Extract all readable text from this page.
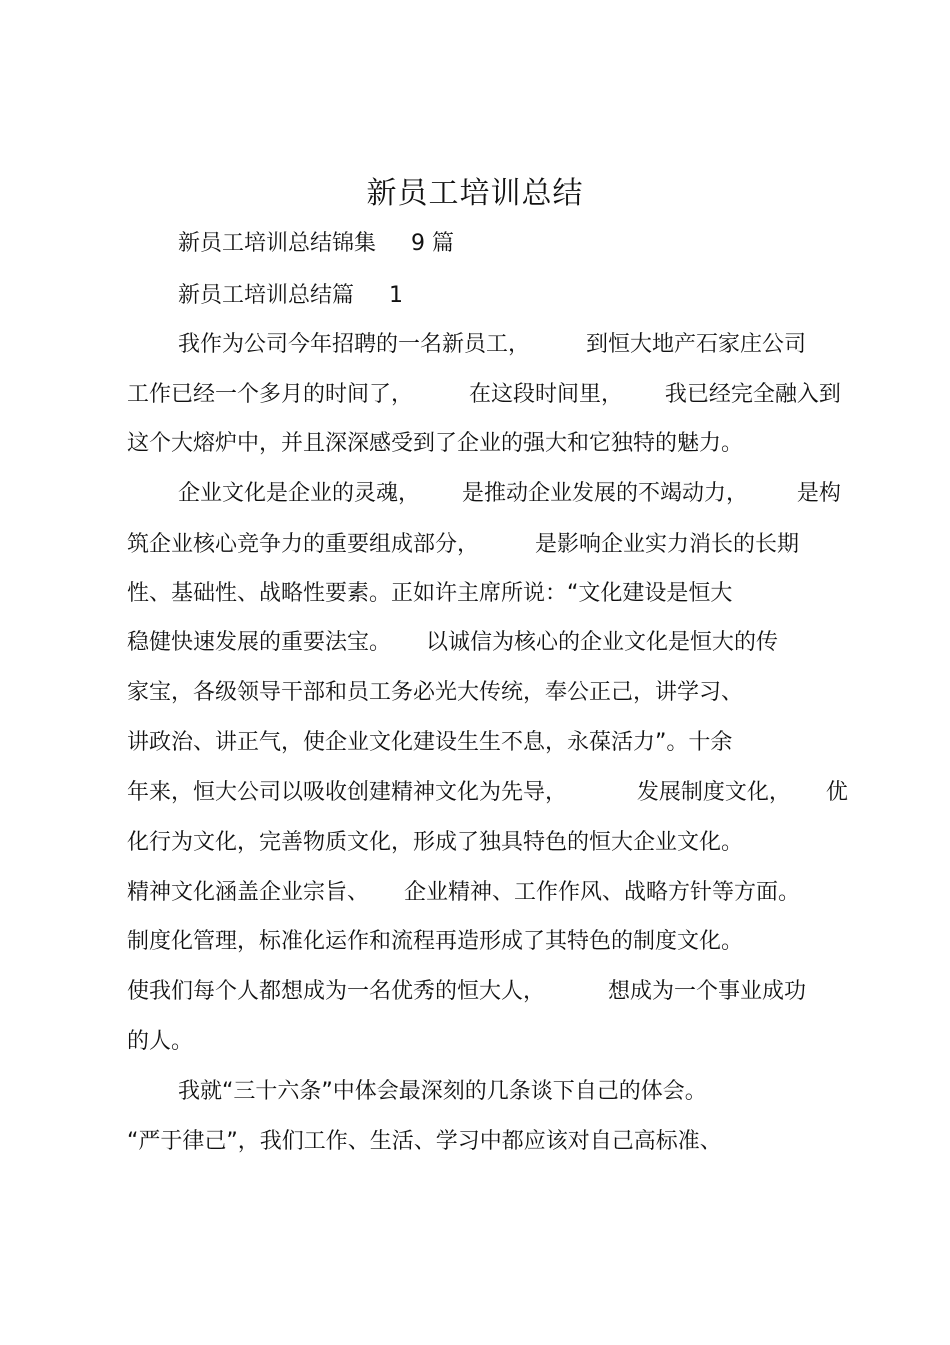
新员工培训总结
新员工培训总结锦集     9 篇
新员工培训总结篇     1
我作为公司今年招聘的一名新员工，        到恒大地产石家庄公司
工作已经一个多月的时间了，        在这段时间里，      我已经完全融入到
这个大熔炉中，并且深深感受到了企业的强大和它独特的魅力。
企业文化是企业的灵魂，      是推动企业发展的不竭动力，       是构
筑企业核心竞争力的重要组成部分，        是影响企业实力消长的长期
性、基础性、战略性要素。正如许主席所说：“文化建设是恒大
稳健快速发展的重要法宝。     以诚信为核心的企业文化是恒大的传
家宝，各级领导干部和员工务必光大传统，奉公正己，讲学习、
讲政治、讲正气，使企业文化建设生生不息，永葆活力”。十余
年来，恒大公司以吸收创建精神文化为先导，          发展制度文化，     优
化行为文化，完善物质文化，形成了独具特色的恒大企业文化。
精神文化涵盖企业宗旨、     企业精神、工作作风、战略方针等方面。
制度化管理，标准化运作和流程再造形成了其特色的制度文化。
使我们每个人都想成为一名优秀的恒大人，         想成为一个事业成功
的人。
我就“三十六条”中体会最深刻的几条谈下自己的体会。
“严于律己”，我们工作、生活、学习中都应该对自己高标准、
